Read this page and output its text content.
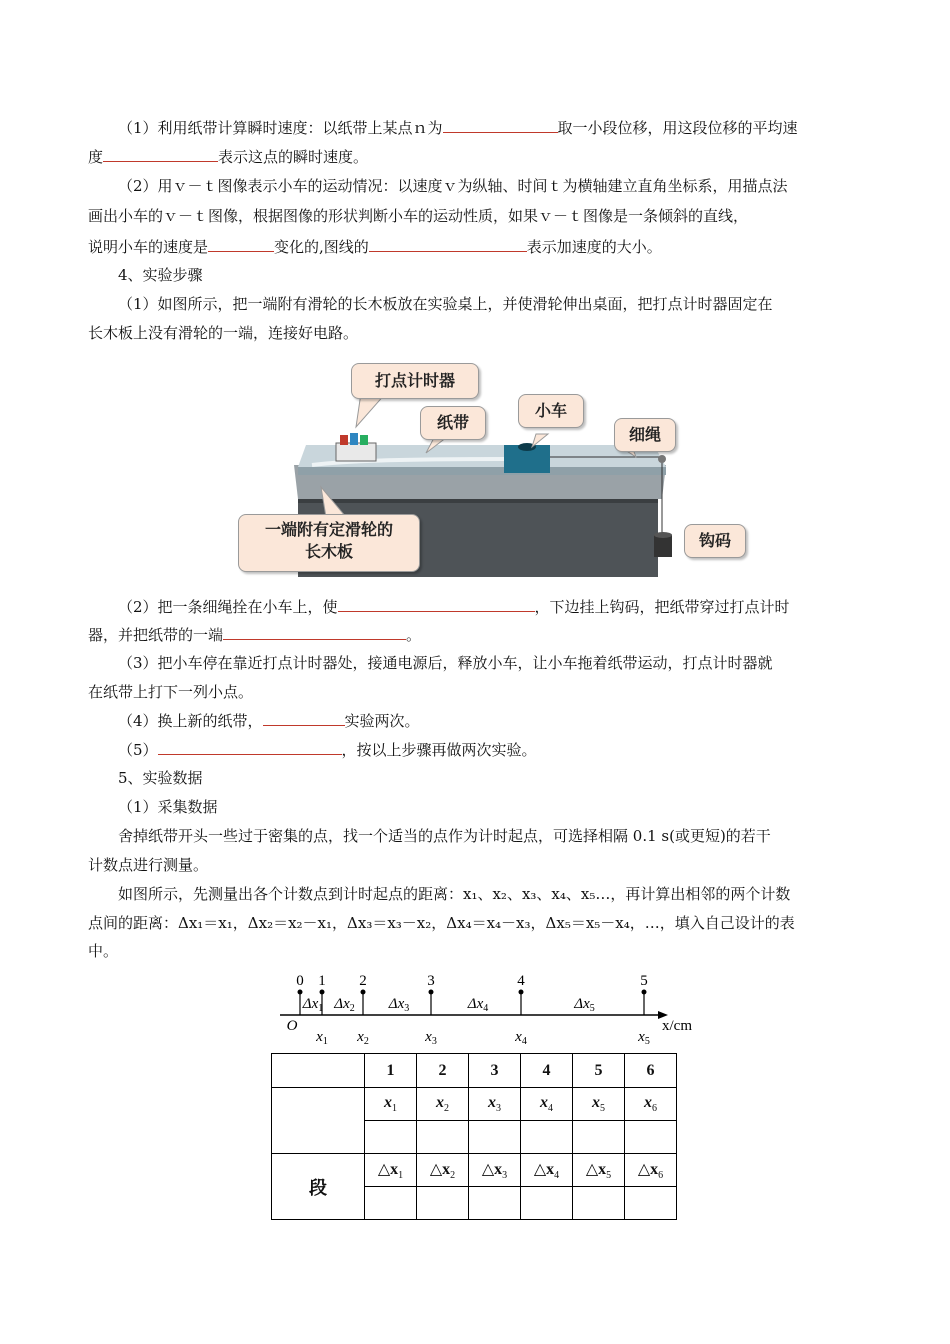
（1）利用纸带计算瞬时速度：以纸带上某点ｎ为	取一小段位移，用这段位移的平均速
度	表示这点的瞬时速度。
（2）用ｖ－ｔ图像表示小车的运动情况：以速度ｖ为纵轴、时间ｔ为横轴建立直角坐标系，用描点法
画出小车的ｖ－ｔ图像，根据图像的形状判断小车的运动性质，如果ｖ－ｔ图像是一条倾斜的直线，
说明小车的速度是	变化的,图线的	表示加速度的大小。
4、实验步骤
（1）如图所示，把一端附有滑轮的长木板放在实验桌上，并使滑轮伸出桌面，把打点计时器固定在
长木板上没有滑轮的一端，连接好电路。
打点计时器
纸带
小车
细绳
一端附有定滑轮的
长木板
钩码
（2）把一条细绳拴在小车上，使	，下边挂上钩码，把纸带穿过打点计时
器，并把纸带的一端	。
（3）把小车停在靠近打点计时器处，接通电源后，释放小车，让小车拖着纸带运动，打点计时器就
在纸带上打下一列小点。
（4）换上新的纸带，	实验两次。
（5）	，按以上步骤再做两次实验。
5、实验数据
（1）采集数据
舍掉纸带开头一些过于密集的点，找一个适当的点作为计时起点，可选择相隔 0.1 s(或更短)的若干
计数点进行测量。
如图所示，先测量出各个计数点到计时起点的距离：x₁、x₂、x₃、x₄、x₅…，再计算出相邻的两个计数
点间的距离：Δx₁＝x₁，Δx₂＝x₂－x₁，Δx₃＝x₃－x₂，Δx₄＝x₄－x₃，Δx₅＝x₅－x₄，…，填入自己设计的表
中。
0 1 2	3	4	5
$x_1$ $x_2$	$x_3$	$x_4$	$x_5$
$\Delta x_1$ $\Delta x_2$ $\Delta x_3$	$\Delta x_4$	$\Delta x_5$
O	x/cm
	1	2	3	4	5	6
	$x_1$	$x_2$	$x_3$	$x_4$	$x_5$	$x_6$

段	$\triangle x_1$	$\triangle x_2$	$\triangle x_3$	$\triangle x_4$	$\triangle x_5$	$\triangle x_6$
